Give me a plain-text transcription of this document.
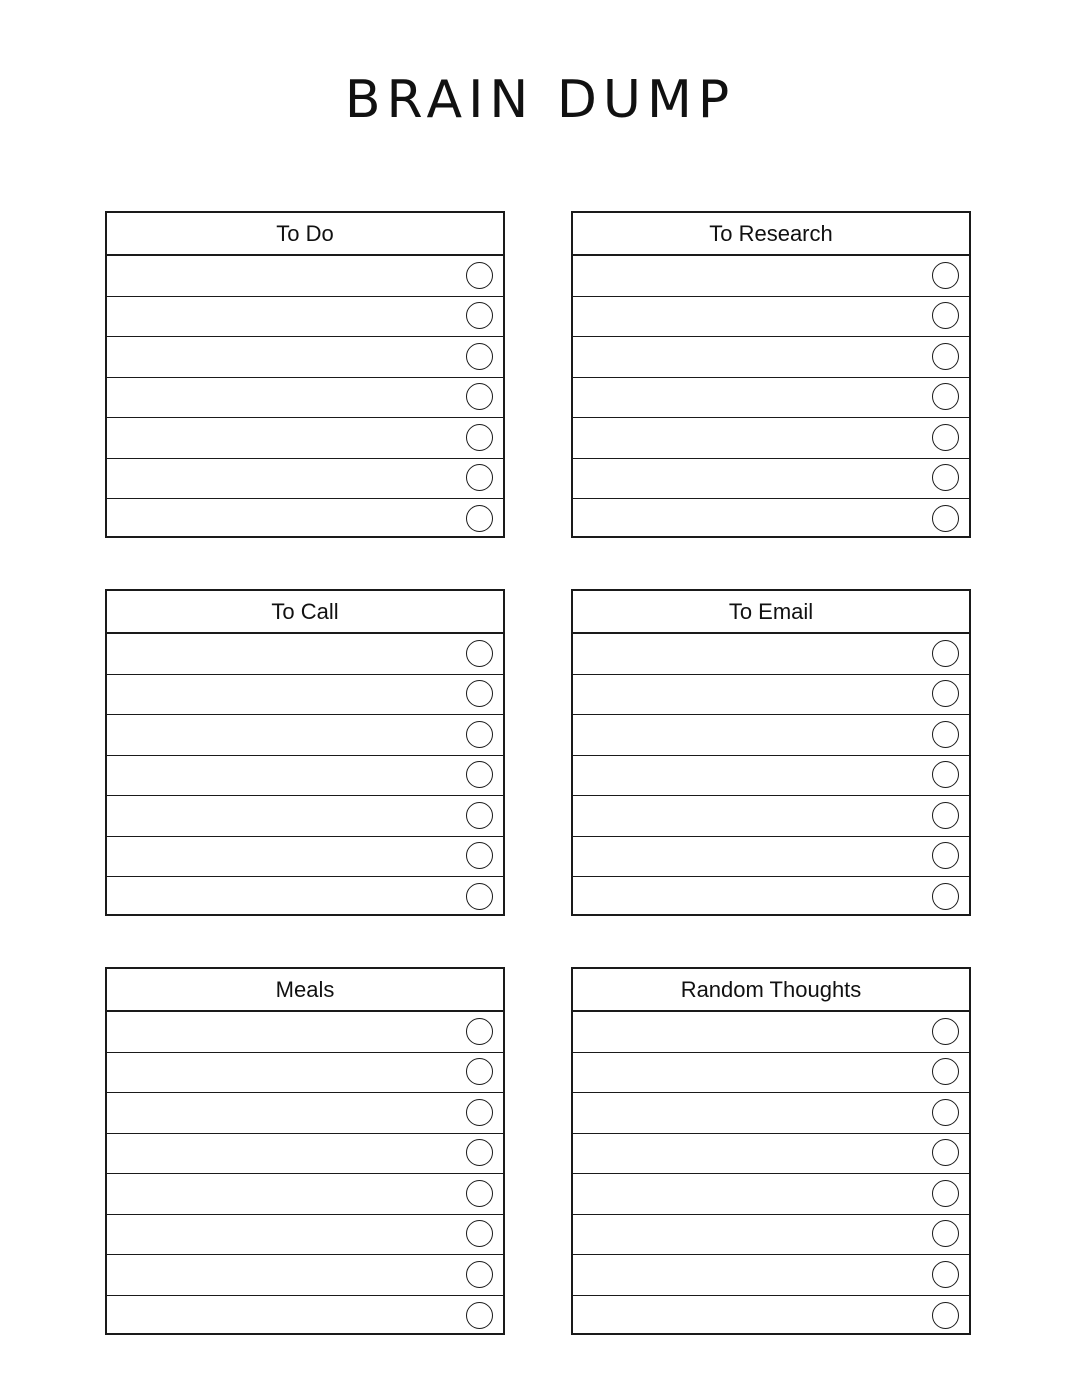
BRAIN DUMP
To Do	To Research
To Call	To Email
Meals	Random Thoughts
